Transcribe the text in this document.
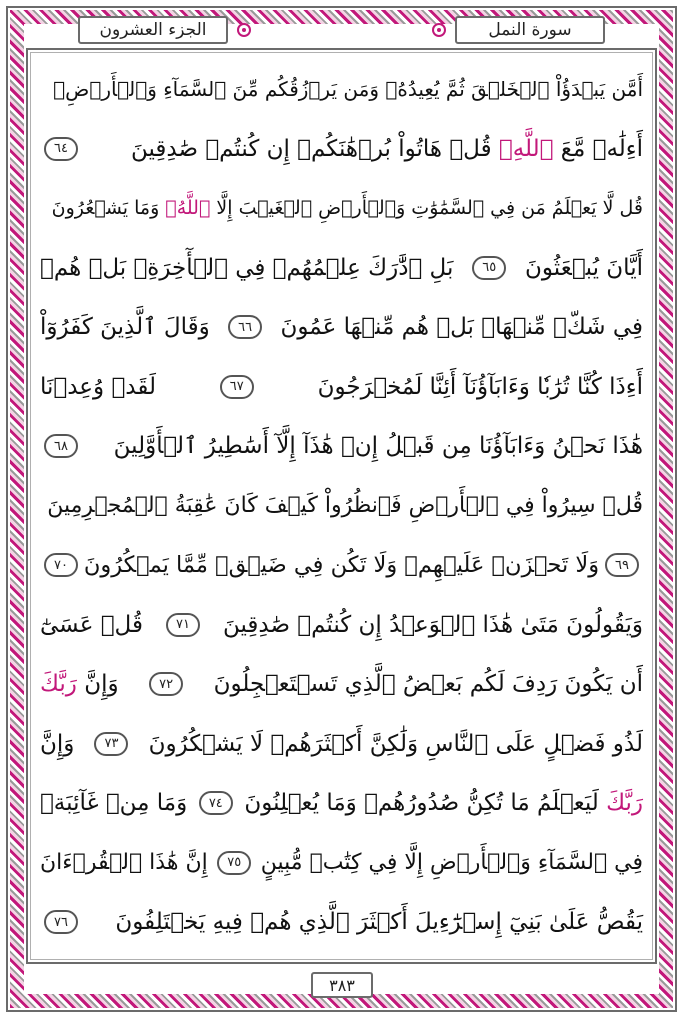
الجزء العشرون	سورة النمل
أَمَّن يَبۡدَؤُاْ ٱلۡخَلۡقَ ثُمَّ يُعِيدُهُۥ وَمَن يَرۡزُقُكُم مِّنَ ٱلسَّمَآءِ وَٱلۡأَرۡضِۗ
أَءِلَٰهٞ مَّعَ ٱللَّهِۚ قُلۡ هَاتُواْ بُرۡهَٰنَكُمۡ إِن كُنتُمۡ صَٰدِقِينَ
٦٤
قُل لَّا يَعۡلَمُ مَن فِي ٱلسَّمَٰوَٰتِ وَٱلۡأَرۡضِ ٱلۡغَيۡبَ إِلَّا ٱللَّهُۚ وَمَا يَشۡعُرُونَ
أَيَّانَ يُبۡعَثُونَ
٦٥
بَلِ ٱدَّٰرَكَ عِلۡمُهُمۡ فِي ٱلۡأٓخِرَةِۚ بَلۡ هُمۡ
فِي شَكّٖ مِّنۡهَاۖ بَلۡ هُم مِّنۡهَا عَمُونَ
٦٦
وَقَالَ ٱلَّذِينَ كَفَرُوٓاْ
أَءِذَا كُنَّا تُرَٰبٗا وَءَابَآؤُنَآ أَئِنَّا لَمُخۡرَجُونَ
٦٧
لَقَدۡ وُعِدۡنَا
هَٰذَا نَحۡنُ وَءَابَآؤُنَا مِن قَبۡلُ إِنۡ هَٰذَآ إِلَّآ أَسَٰطِيرُ ٱلۡأَوَّلِينَ
٦٨
قُلۡ سِيرُواْ فِي ٱلۡأَرۡضِ فَٱنظُرُواْ كَيۡفَ كَانَ عَٰقِبَةُ ٱلۡمُجۡرِمِينَ
٦٩
وَلَا تَحۡزَنۡ عَلَيۡهِمۡ وَلَا تَكُن فِي ضَيۡقٖ مِّمَّا يَمۡكُرُونَ
٧٠
وَيَقُولُونَ مَتَىٰ هَٰذَا ٱلۡوَعۡدُ إِن كُنتُمۡ صَٰدِقِينَ
٧١
قُلۡ عَسَىٰٓ
أَن يَكُونَ رَدِفَ لَكُم بَعۡضُ ٱلَّذِي تَسۡتَعۡجِلُونَ
٧٢
وَإِنَّ رَبَّكَ
لَذُو فَضۡلٍ عَلَى ٱلنَّاسِ وَلَٰكِنَّ أَكۡثَرَهُمۡ لَا يَشۡكُرُونَ
٧٣
وَإِنَّ
رَبَّكَ لَيَعۡلَمُ مَا تُكِنُّ صُدُورُهُمۡ وَمَا يُعۡلِنُونَ
٧٤
وَمَا مِنۡ غَآئِبَةٖ
فِي ٱلسَّمَآءِ وَٱلۡأَرۡضِ إِلَّا فِي كِتَٰبٖ مُّبِينٍ
٧٥
إِنَّ هَٰذَا ٱلۡقُرۡءَانَ
يَقُصُّ عَلَىٰ بَنِيٓ إِسۡرَٰٓءِيلَ أَكۡثَرَ ٱلَّذِي هُمۡ فِيهِ يَخۡتَلِفُونَ
٧٦
٣٨٣
